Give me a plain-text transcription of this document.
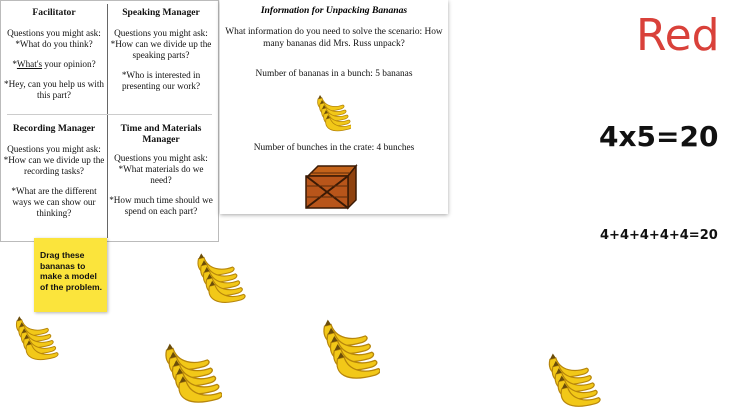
Facilitator

Questions you might ask:
*What do you think?

*What's your opinion?

*Hey, can you help us with this part?

Speaking Manager

Questions you might ask:
*How can we divide up the speaking parts?

*Who is interested in presenting our work?

Recording Manager

Questions you might ask:
*How can we divide up the recording tasks?

*What are the different ways we can show our thinking?

Time and Materials Manager

Questions you might ask:
*What materials do we need?

*How much time should we spend on each part?

Information for Unpacking Bananas
What information do you need to solve the scenario: How many bananas did Mrs. Russ unpack?
Number of bananas in a bunch: 5 bananas
Number of bunches in the crate: 4 bunches
Red
4x5=20
4+4+4+4+4=20
Drag these bananas to make a model of the problem.
